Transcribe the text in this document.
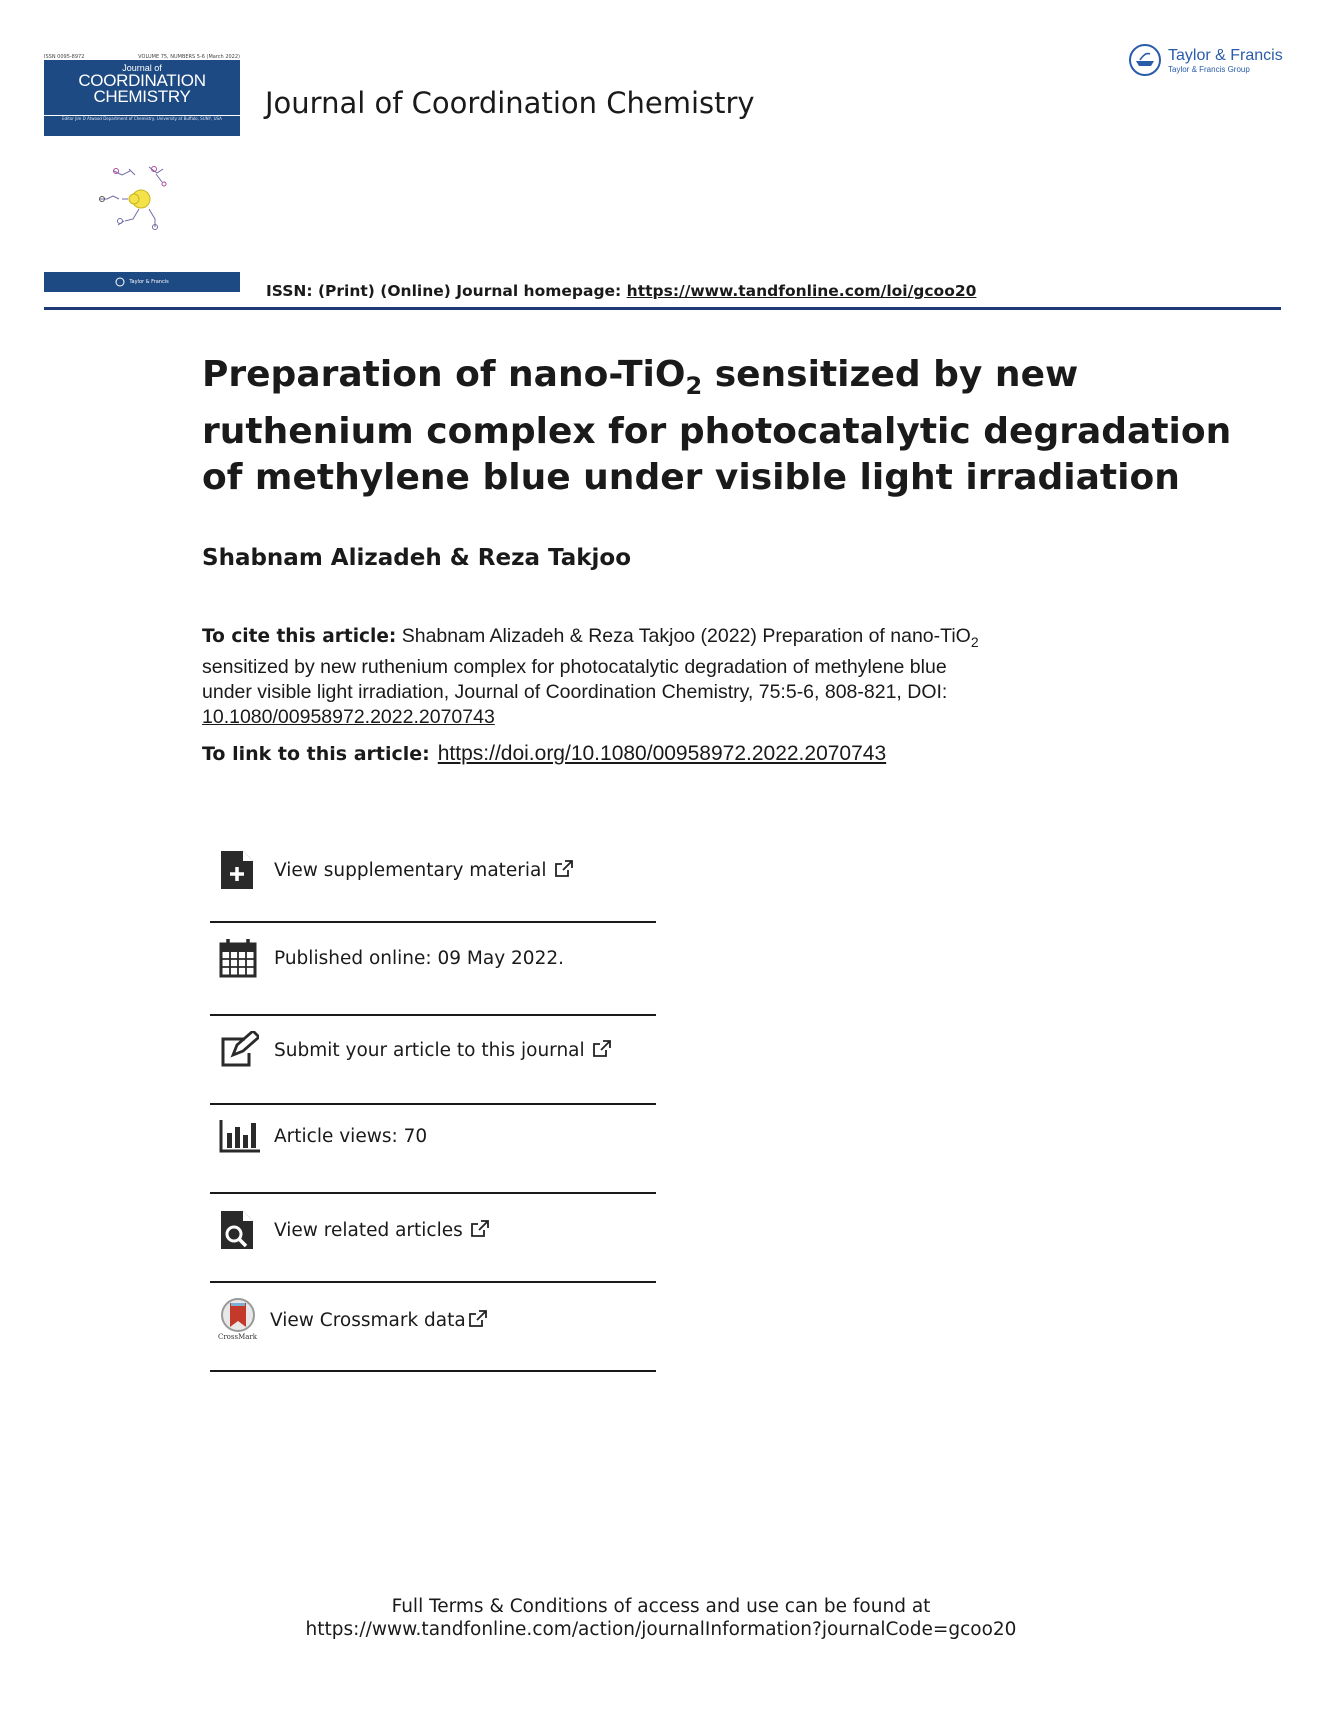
ISSN 0095-8972	VOLUME 75, NUMBERS 5-6 (March 2022)
Journal of
COORDINATION
CHEMISTRY
Editor Jim D Atwood Department of Chemistry, University at Buffalo, SUNY, USA
Taylor & Francis
Journal of Coordination Chemistry
Taylor & Francis
Taylor & Francis Group
ISSN: (Print) (Online) Journal homepage: https://www.tandfonline.com/loi/gcoo20
Preparation of nano-TiO$_2$ sensitized by new
ruthenium complex for photocatalytic degradation
of methylene blue under visible light irradiation
Shabnam Alizadeh & Reza Takjoo
To cite this article: Shabnam Alizadeh & Reza Takjoo (2022) Preparation of nano-TiO$_2$
sensitized by new ruthenium complex for photocatalytic degradation of methylene blue
under visible light irradiation, Journal of Coordination Chemistry, 75:5-6, 808-821, DOI:
10.1080/00958972.2022.2070743
To link to this article: https://doi.org/10.1080/00958972.2022.2070743
View supplementary material
Published online: 09 May 2022.
Submit your article to this journal
Article views: 70
View related articles
CrossMark
View Crossmark data
Full Terms & Conditions of access and use can be found at
https://www.tandfonline.com/action/journalInformation?journalCode=gcoo20
